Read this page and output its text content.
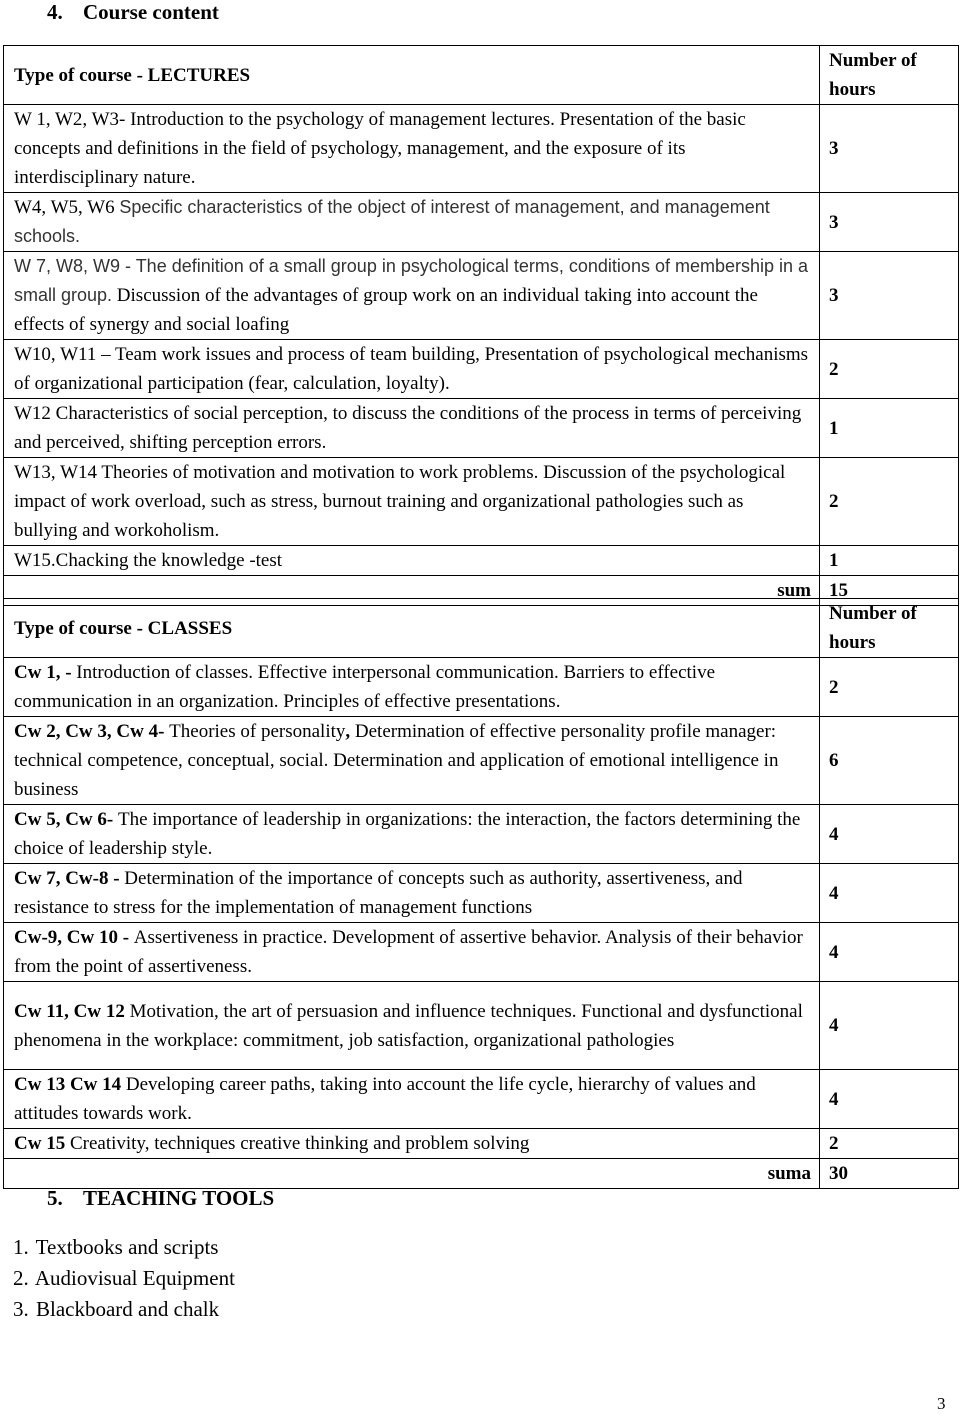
4. Course content
Type of course - LECTURES	Number of
hours
W 1, W2, W3- Introduction to the psychology of management lectures. Presentation of the basic concepts and definitions in the field of psychology, management, and the exposure of its interdisciplinary nature.	3
W4, W5, W6 Specific characteristics of the object of interest of management, and management schools.	3
W 7, W8, W9 - The definition of a small group in psychological terms, conditions of membership in a small group. Discussion of the advantages of group work on an individual taking into account the effects of synergy and social loafing	3
W10, W11 – Team work issues and process of team building, Presentation of psychological mechanisms of organizational participation (fear, calculation, loyalty).	2
W12 Characteristics of social perception, to discuss the conditions of the process in terms of perceiving and perceived, shifting perception errors.	1
W13, W14 Theories of motivation and motivation to work problems. Discussion of the psychological impact of work overload, such as stress, burnout training and organizational pathologies such as bullying and workoholism.	2
W15.Chacking the knowledge -test	1
sum	15
Type of course - CLASSES	Number of
hours
Cw 1, - Introduction of classes. Effective interpersonal communication. Barriers to effective communication in an organization. Principles of effective presentations.	2
Cw 2, Cw 3, Cw 4- Theories of personality, Determination of effective personality profile manager: technical competence, conceptual, social. Determination and application of emotional intelligence in business	6
Cw 5, Cw 6- The importance of leadership in organizations: the interaction, the factors determining the choice of leadership style.	4
Cw 7, Cw-8 - Determination of the importance of concepts such as authority, assertiveness, and resistance to stress for the implementation of management functions	4
Cw-9, Cw 10 - Assertiveness in practice. Development of assertive behavior. Analysis of their behavior from the point of assertiveness.	4
Cw 11, Cw 12 Motivation, the art of persuasion and influence techniques. Functional and dysfunctional phenomena in the workplace: commitment, job satisfaction, organizational pathologies	4
Cw 13 Cw 14 Developing career paths, taking into account the life cycle, hierarchy of values and attitudes towards work.	4
Cw 15 Creativity, techniques creative thinking and problem solving	2
suma	30
5. TEACHING TOOLS
1. Textbooks and scripts
2. Audiovisual Equipment
3. Blackboard and chalk
3
